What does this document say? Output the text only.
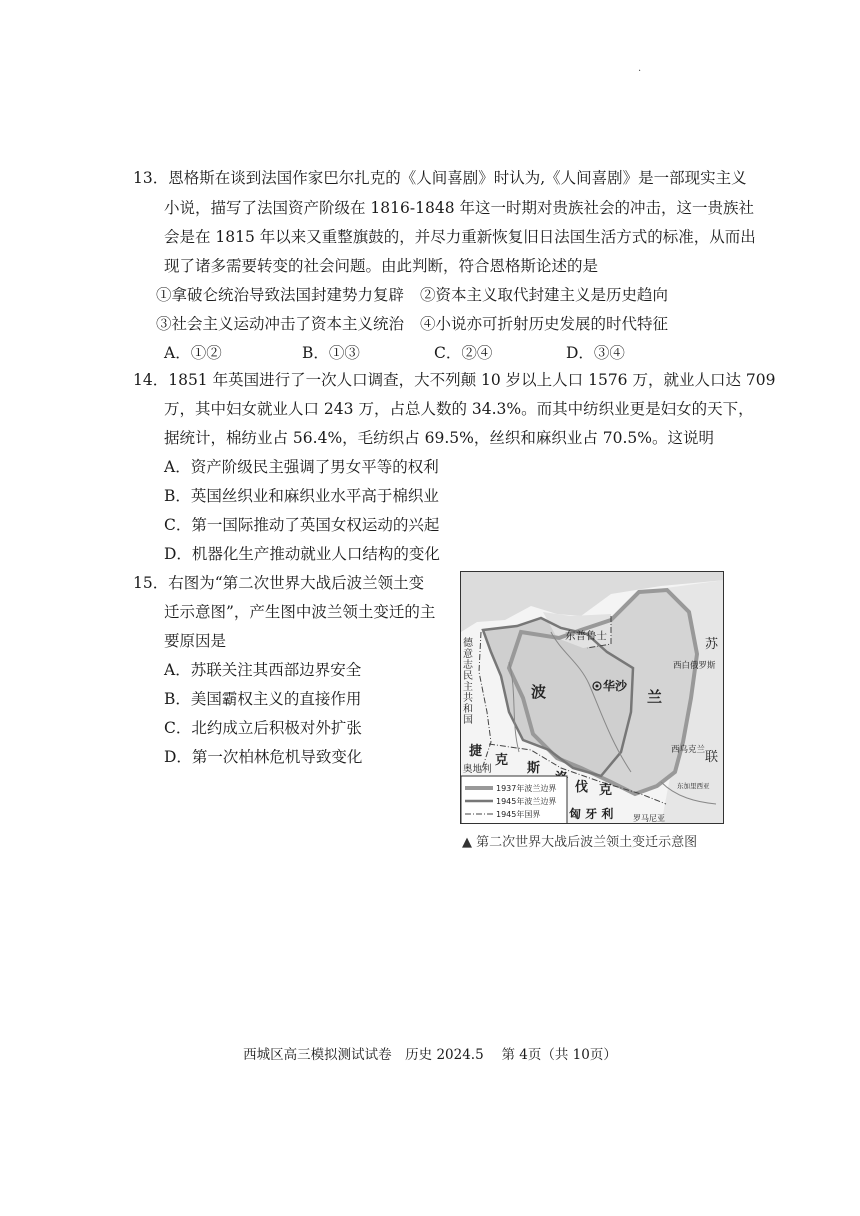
·
13．恩格斯在谈到法国作家巴尔扎克的《人间喜剧》时认为,《人间喜剧》是一部现实主义
小说，描写了法国资产阶级在 1816-1848 年这一时期对贵族社会的冲击，这一贵族社
会是在 1815 年以来又重整旗鼓的，并尽力重新恢复旧日法国生活方式的标准，从而出
现了诸多需要转变的社会问题。由此判断，符合恩格斯论述的是
①拿破仑统治导致法国封建势力复辟 ②资本主义取代封建主义是历史趋向
③社会主义运动冲击了资本主义统治 ④小说亦可折射历史发展的时代特征
A．①②	B．①③	C．②④	D．③④
14．1851 年英国进行了一次人口调查，大不列颠 10 岁以上人口 1576 万，就业人口达 709
万，其中妇女就业人口 243 万，占总人数的 34.3%。而其中纺织业更是妇女的天下，
据统计，棉纺业占 56.4%，毛纺织占 69.5%，丝织和麻织业占 70.5%。这说明
A．资产阶级民主强调了男女平等的权利
B．英国丝织业和麻织业水平高于棉织业
C．第一国际推动了英国女权运动的兴起
D．机器化生产推动就业人口结构的变化
15．右图为“第二次世界大战后波兰领土变
迁示意图”，产生图中波兰领土变迁的主
要原因是
A．苏联关注其西部边界安全
B．美国霸权主义的直接作用
C．北约成立后积极对外扩张
D．第一次柏林危机导致变化
德
意
志
民
主
共
和
国
东普鲁士
波	兰
华沙
苏
联
西白俄罗斯
西乌克兰
东加里西亚
捷
克
斯
伐 克
奥地利
匈 牙 利 罗马尼亚
1937年波兰边界
1945年波兰边界
1945年国界
▲ 第二次世界大战后波兰领土变迁示意图
西城区高三模拟测试试卷　历史 2024.5　 第 4页（共 10页）
